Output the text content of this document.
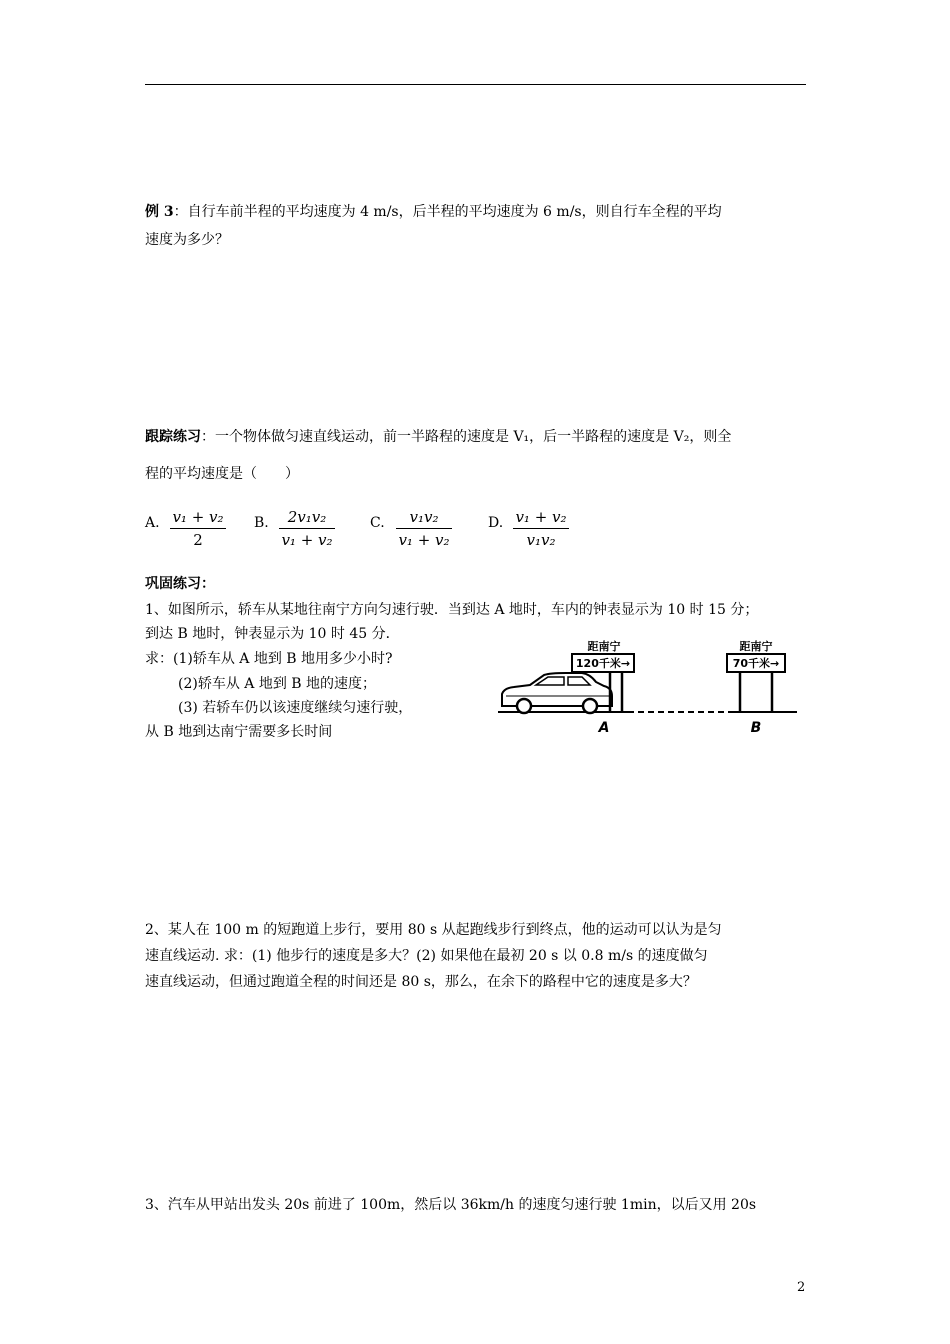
例 3：自行车前半程的平均速度为 4 m/s，后半程的平均速度为 6 m/s，则自行车全程的平均
速度为多少？
跟踪练习：一个物体做匀速直线运动，前一半路程的速度是 V₁，后一半路程的速度是 V₂，则全
程的平均速度是（　　）
A. v₁ + v₂
2
B.	2v₁v₂
v₁ + v₂
C.	v₁v₂
v₁ + v₂
D. v₁ + v₂
v₁v₂
巩固练习：
1、如图所示，轿车从某地往南宁方向匀速行驶．当到达 A 地时，车内的钟表显示为 10 时 15 分；
到达 B 地时，钟表显示为 10 时 45 分．
求：(1)轿车从 A 地到 B 地用多少小时?
(2)轿车从 A 地到 B 地的速度；
(3) 若轿车仍以该速度继续匀速行驶，
从 B 地到达南宁需要多长时间
距南宁
120千米→
A
距南宁
70千米→
B
2、某人在 100 m 的短跑道上步行，要用 80 s 从起跑线步行到终点，他的运动可以认为是匀
速直线运动. 求：(1) 他步行的速度是多大？(2) 如果他在最初 20 s 以 0.8 m/s 的速度做匀
速直线运动，但通过跑道全程的时间还是 80 s，那么，在余下的路程中它的速度是多大？
3、汽车从甲站出发头 20s 前进了 100m，然后以 36km/h 的速度匀速行驶 1min，以后又用 20s
2
